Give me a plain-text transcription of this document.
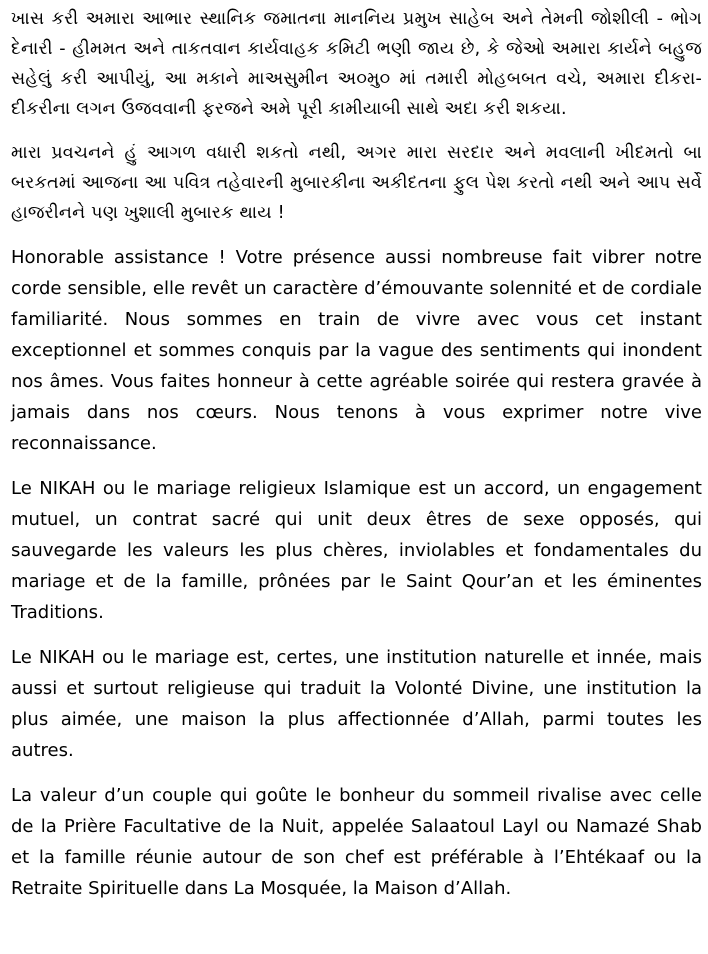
ખાસ કરી અમારા આભાર સ્થાનિક જમાતના માનનિય પ્રમુખ સાહેબ અને તેમની જોશીલી - ભોગ દેનારી - હીમમત અને તાકતવાન કાર્યવાહક કમિટી ભણી જાય છે, કે જેઓ અમારા કાર્યને બહુજ સહેલું કરી આપીયું, આ મકાને માઅસુમીન અ૦મુ૦ માં તમારી મોહબબત વચે, અમારા દીકરા-દીકરીના લગન ઉજવવાની ફરજને અમે પૂરી કામીયાબી સાથે અદા કરી શકયા.

મારા પ્રવચનને હું આગળ વધારી શકતો નથી, અગર મારા સરદાર અને મવલાની ખીદમતો બા બરકતમાં આજના આ પવિત્ર તહેવારની મુબારકીના અકીદતના ફુલ પેશ કરતો નથી અને આપ સર્વે હાજરીનને પણ ખુશાલી મુબારક થાય !

Honorable assistance ! Votre présence aussi nombreuse fait vibrer notre corde sensible, elle revêt un caractère d’émouvante solennité et de cordiale familiarité. Nous sommes en train de vivre avec vous cet instant exceptionnel et sommes conquis par la vague des sentiments qui inondent nos âmes. Vous faites honneur à cette agréable soirée qui restera gravée à jamais dans nos cœurs. Nous tenons à vous exprimer notre vive reconnaissance.

Le NIKAH ou le mariage religieux Islamique est un accord, un engagement mutuel, un contrat sacré qui unit deux êtres de sexe opposés, qui sauvegarde les valeurs les plus chères, inviolables et fondamentales du mariage et de la famille, prônées par le Saint Qour’an et les éminentes Traditions.

Le NIKAH ou le mariage est, certes, une institution naturelle et innée, mais aussi et surtout religieuse qui traduit la Volonté Divine, une institution la plus aimée, une maison la plus affectionnée d’Allah, parmi toutes les autres.

La valeur d’un couple qui goûte le bonheur du sommeil rivalise avec celle de la Prière Facultative de la Nuit, appelée Salaatoul Layl ou Namazé Shab et la famille réunie autour de son chef est préférable à l’Ehtékaaf ou la Retraite Spirituelle dans La Mosquée, la Maison d’Allah.
